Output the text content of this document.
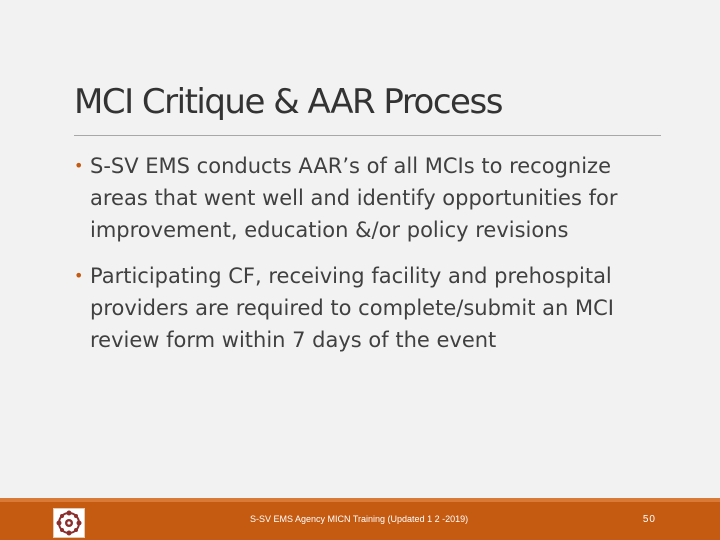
MCI Critique & AAR Process
• S-SV EMS conducts AAR’s of all MCIs to recognize areas that went well and identify opportunities for improvement, education &/or policy revisions
• Participating CF, receiving facility and prehospital providers are required to complete/submit an MCI review form within 7 days of the event
S-SV EMS Agency MICN Training (Updated 1 2 -2019)	50
